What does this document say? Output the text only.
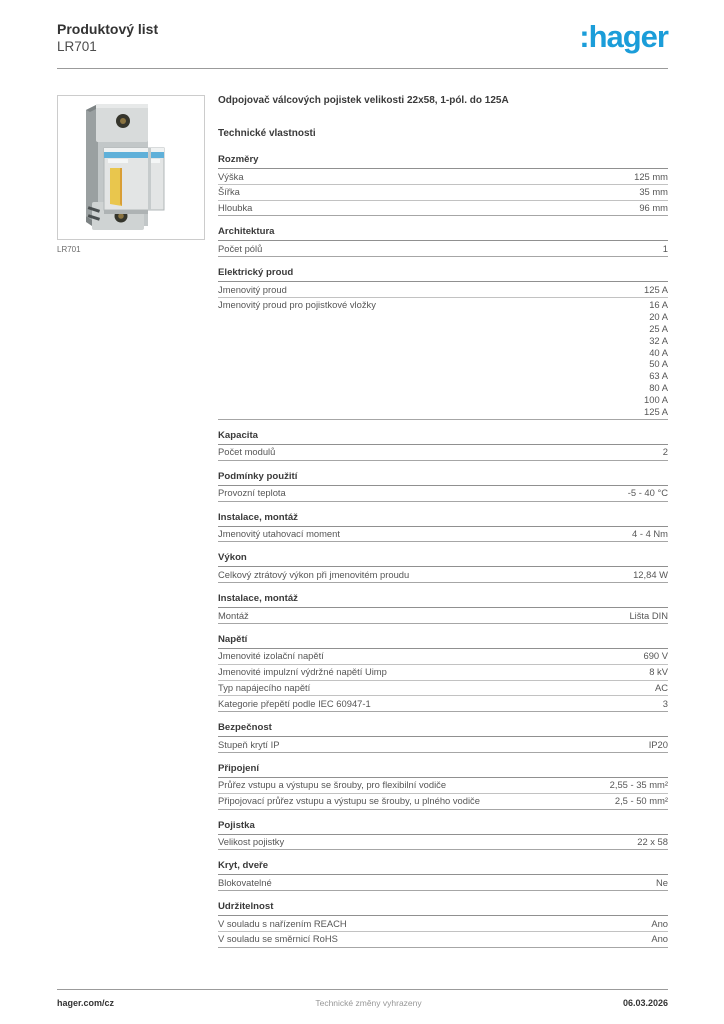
Produktový list
LR701	:hager
LR701
Odpojovač válcových pojistek velikosti 22x58, 1-pól. do 125A
Technické vlastnosti
Rozměry
Výška	125 mm
Šířka	35 mm
Hloubka	96 mm
Architektura
Počet pólů	1
Elektrický proud
Jmenovitý proud	125 A
Jmenovitý proud pro pojistkové vložky	16 A
20 A
25 A
32 A
40 A
50 A
63 A
80 A
100 A
125 A
Kapacita
Počet modulů	2
Podmínky použití
Provozní teplota	-5 - 40 °C
Instalace, montáž
Jmenovitý utahovací moment	4 - 4 Nm
Výkon
Celkový ztrátový výkon při jmenovitém proudu	12,84 W
Instalace, montáž
Montáž	Lišta DIN
Napětí
Jmenovité izolační napětí	690 V
Jmenovité impulzní výdržné napětí Uimp	8 kV
Typ napájecího napětí	AC
Kategorie přepětí podle IEC 60947-1	3
Bezpečnost
Stupeň krytí IP	IP20
Připojení
Průřez vstupu a výstupu se šrouby, pro flexibilní vodiče	2,55 - 35 mm²
Připojovací průřez vstupu a výstupu se šrouby, u plného vodiče	2,5 - 50 mm²
Pojistka
Velikost pojistky	22 x 58
Kryt, dveře
Blokovatelné	Ne
Udržitelnost
V souladu s nařízením REACH	Ano
V souladu se směrnicí RoHS	Ano
hager.com/cz	Technické změny vyhrazeny	06.03.2026
